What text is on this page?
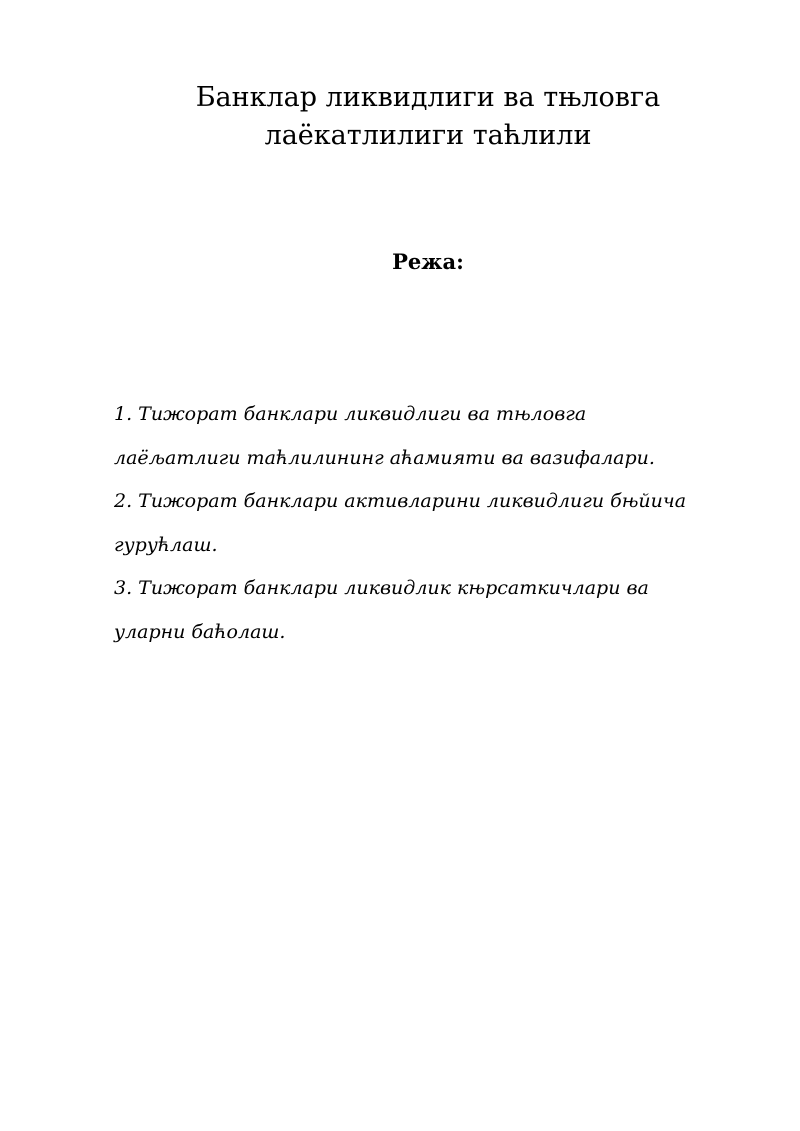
Банклар ликвидлиги ва тњловга
лаёкатлилиги таћлили
Режа:
1. Тижорат банклари ликвидлиги ва тњловга
лаёљатлиги таћлилининг аћамияти ва вазифалари.
2. Тижорат банклари активларини ликвидлиги бњйича
гурућлаш.
3. Тижорат банклари ликвидлик књрсаткичлари ва
уларни баћолаш.
